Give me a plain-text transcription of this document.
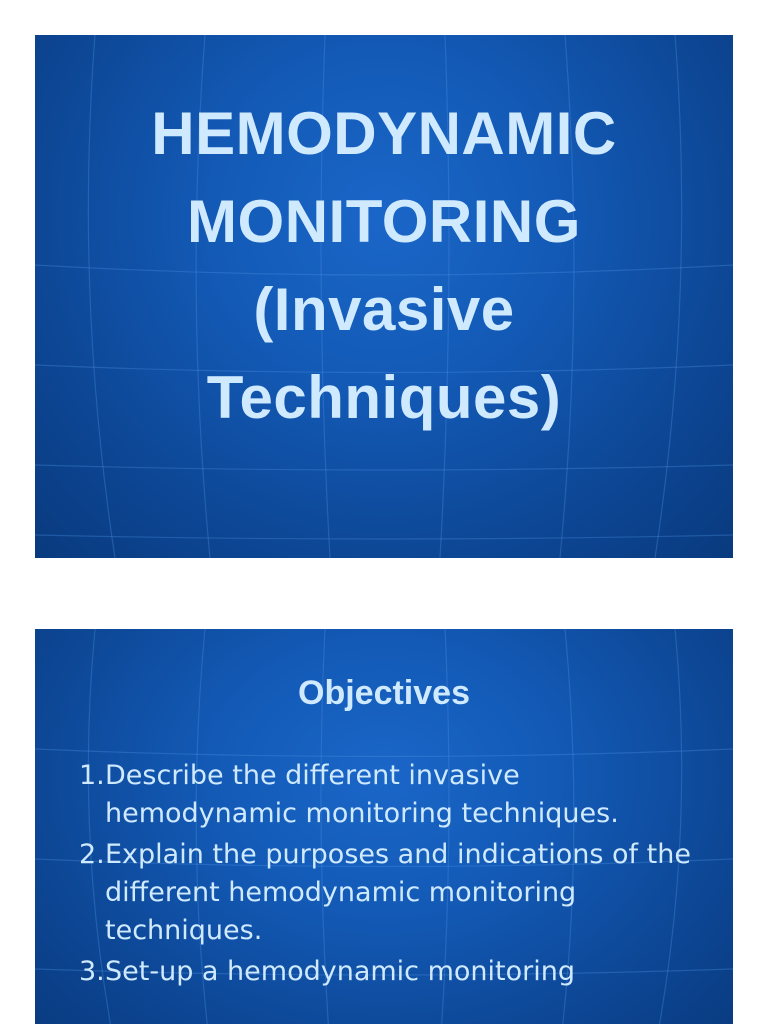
HEMODYNAMIC
MONITORING
(Invasive
Techniques)
Objectives
1. Describe the different invasive hemodynamic monitoring techniques.
2. Explain the purposes and indications of the different hemodynamic monitoring techniques.
3. Set-up a hemodynamic monitoring
